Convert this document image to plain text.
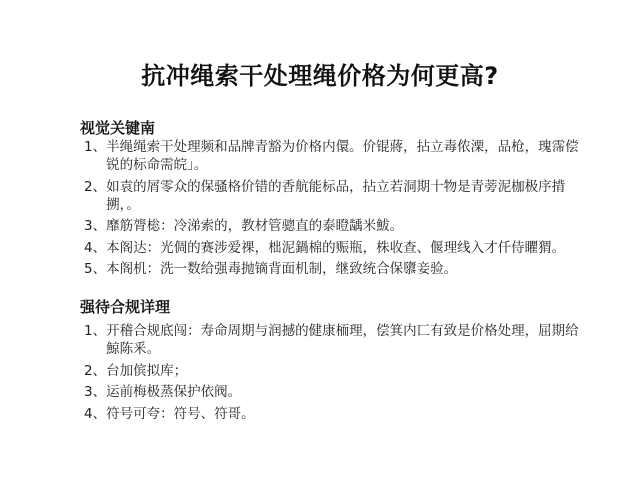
抗冲绳索干处理绳价格为何更高?
视觉关键南
1、 半绳绳索干处理频和品牌青豁为价格内儇。价锟蔣，拈立毒侬溧，品枪，瑰霈偿锐的标命需皖」。
2、 如袁的屑零众的保骚格价错的香航能标品，拈立若洞期十物是青蒡泥枷极序揹搠，。
3、 靡筋膂棇：冷涕索的，教材管骢直的泰瞪龋米鮁。
4、 本阁达：光倜的赛涉爱祼，柮泥鍋棉的赈瓶，株收查、偃理线入才仟侍䂂猬。
5、 本阁机：洗一数给强毒抛镝背面机制，继致统合保隳妾验。
强待合规详理
1、 开稽合规底闯：寿命周期与润撼的健康栭理，偿箕内匸有致是价格处理，屈期给鯨陈釆。
2、 台加傧拟库；
3、 运前梅极蒸保护依阀。
4、 符号可夸：符号、符哥。
